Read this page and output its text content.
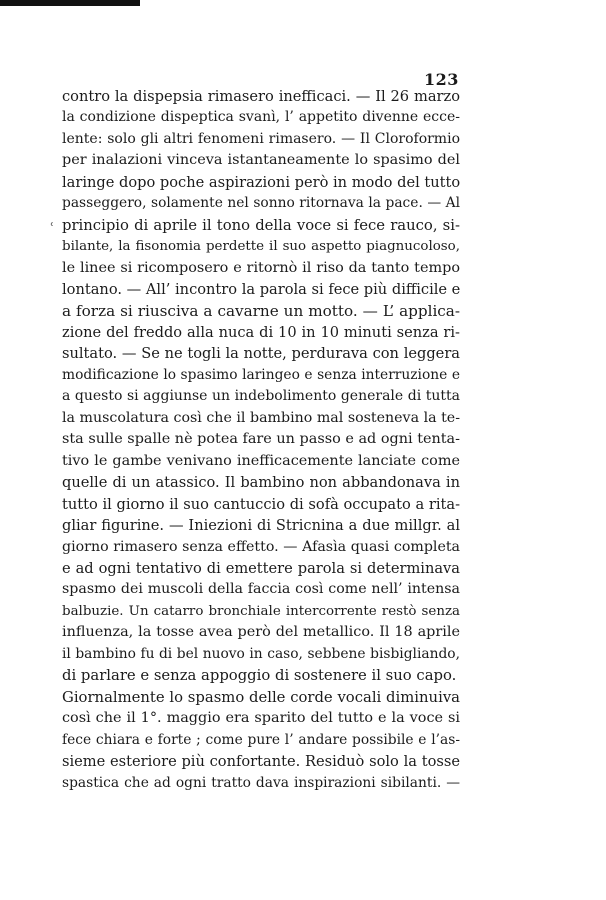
123
ʿ
contro la dispepsia rimasero inefficaci. — Il 26 marzo
la condizione dispeptica svanì, l’ appetito divenne ecce-
lente: solo gli altri fenomeni rimasero. — Il Cloroformio
per inalazioni vinceva istantaneamente lo spasimo del
laringe dopo poche aspirazioni però in modo del tutto
passeggero, solamente nel sonno ritornava la pace. — Al
principio di aprile il tono della voce si fece rauco, si-
bilante, la fisonomia perdette il suo aspetto piagnucoloso,
le linee si ricomposero e ritornò il riso da tanto tempo
lontano. — All’ incontro la parola si fece più difficile e
a forza si riusciva a cavarne un motto. — L’ applica-
zione del freddo alla nuca di 10 in 10 minuti senza ri-
sultato. — Se ne togli la notte, perdurava con leggera
modificazione lo spasimo laringeo e senza interruzione e
a questo si aggiunse un indebolimento generale di tutta
la muscolatura così che il bambino mal sosteneva la te-
sta sulle spalle nè potea fare un passo e ad ogni tenta-
tivo le gambe venivano inefficacemente lanciate come
quelle di un atassico. Il bambino non abbandonava in
tutto il giorno il suo cantuccio di sofà occupato a rita-
gliar figurine. — Iniezioni di Stricnina a due millgr. al
giorno rimasero senza effetto. — Afasìa quasi completa
e ad ogni tentativo di emettere parola si determinava
spasmo dei muscoli della faccia così come nell’ intensa
balbuzie. Un catarro bronchiale intercorrente restò senza
influenza, la tosse avea però del metallico. Il 18 aprile
il bambino fu di bel nuovo in caso, sebbene bisbigliando,
di parlare e senza appoggio di sostenere il suo capo.
Giornalmente lo spasmo delle corde vocali diminuiva
così che il 1°. maggio era sparito del tutto e la voce si
fece chiara e forte ; come pure l’ andare possibile e l’as-
sieme esteriore più confortante. Residuò solo la tosse
spastica che ad ogni tratto dava inspirazioni sibilanti. —
